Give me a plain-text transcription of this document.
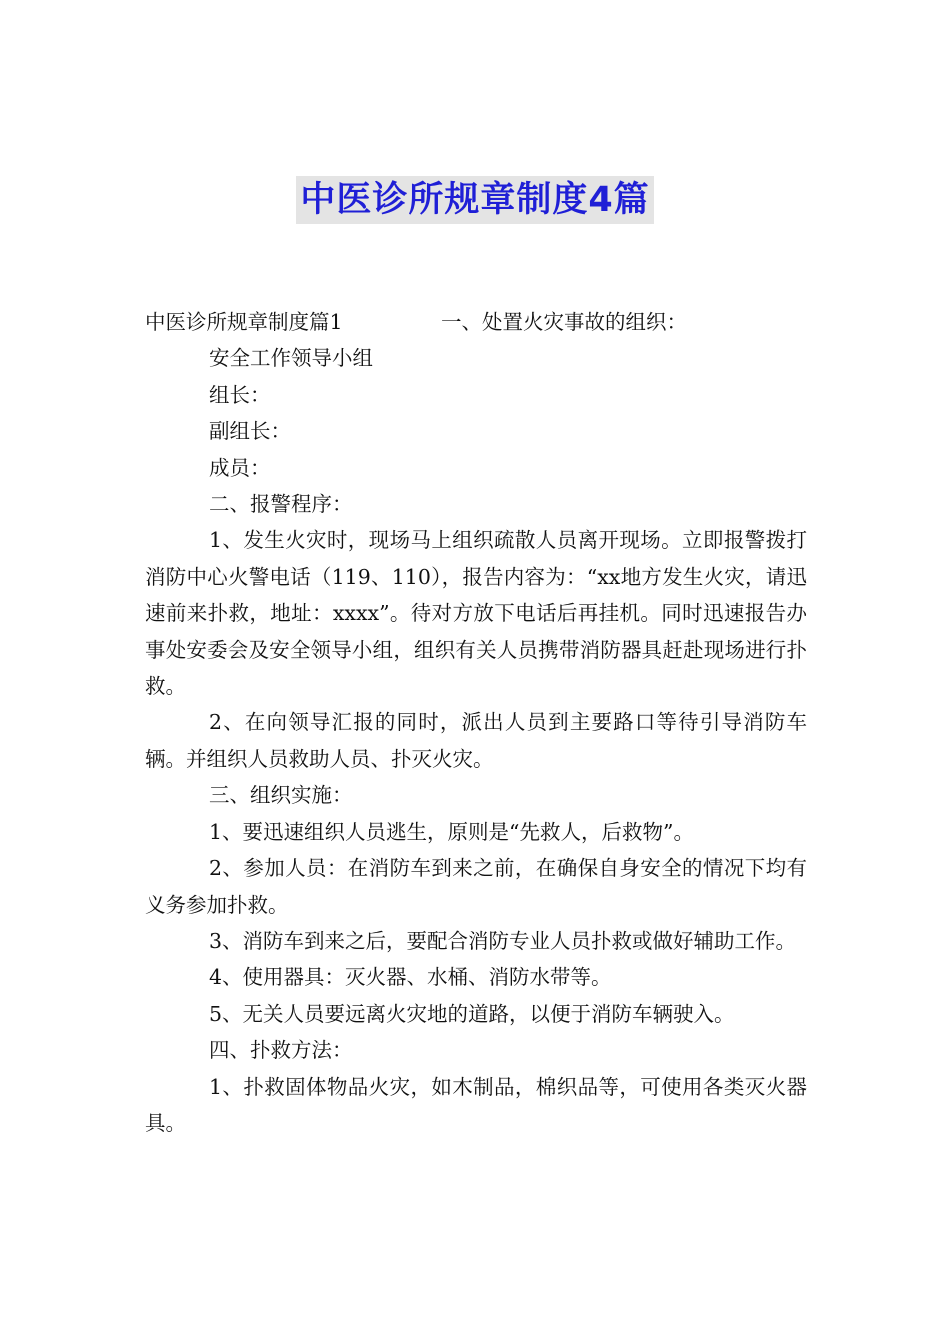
中医诊所规章制度4篇

中医诊所规章制度篇1	一、处置火灾事故的组织：

安全工作领导小组

组长：

副组长：

成员：

二、报警程序：

1、发生火灾时，现场马上组织疏散人员离开现场。立即报警拨打消防中心火警电话（119、110），报告内容为：“xx地方发生火灾，请迅速前来扑救，地址：xxxx”。待对方放下电话后再挂机。同时迅速报告办事处安委会及安全领导小组，组织有关人员携带消防器具赶赴现场进行扑救。

2、在向领导汇报的同时，派出人员到主要路口等待引导消防车辆。并组织人员救助人员、扑灭火灾。

三、组织实施：

1、要迅速组织人员逃生，原则是“先救人，后救物”。

2、参加人员：在消防车到来之前，在确保自身安全的情况下均有义务参加扑救。

3、消防车到来之后，要配合消防专业人员扑救或做好辅助工作。

4、使用器具：灭火器、水桶、消防水带等。

5、无关人员要远离火灾地的道路，以便于消防车辆驶入。

四、扑救方法：

1、扑救固体物品火灾，如木制品，棉织品等，可使用各类灭火器具。
